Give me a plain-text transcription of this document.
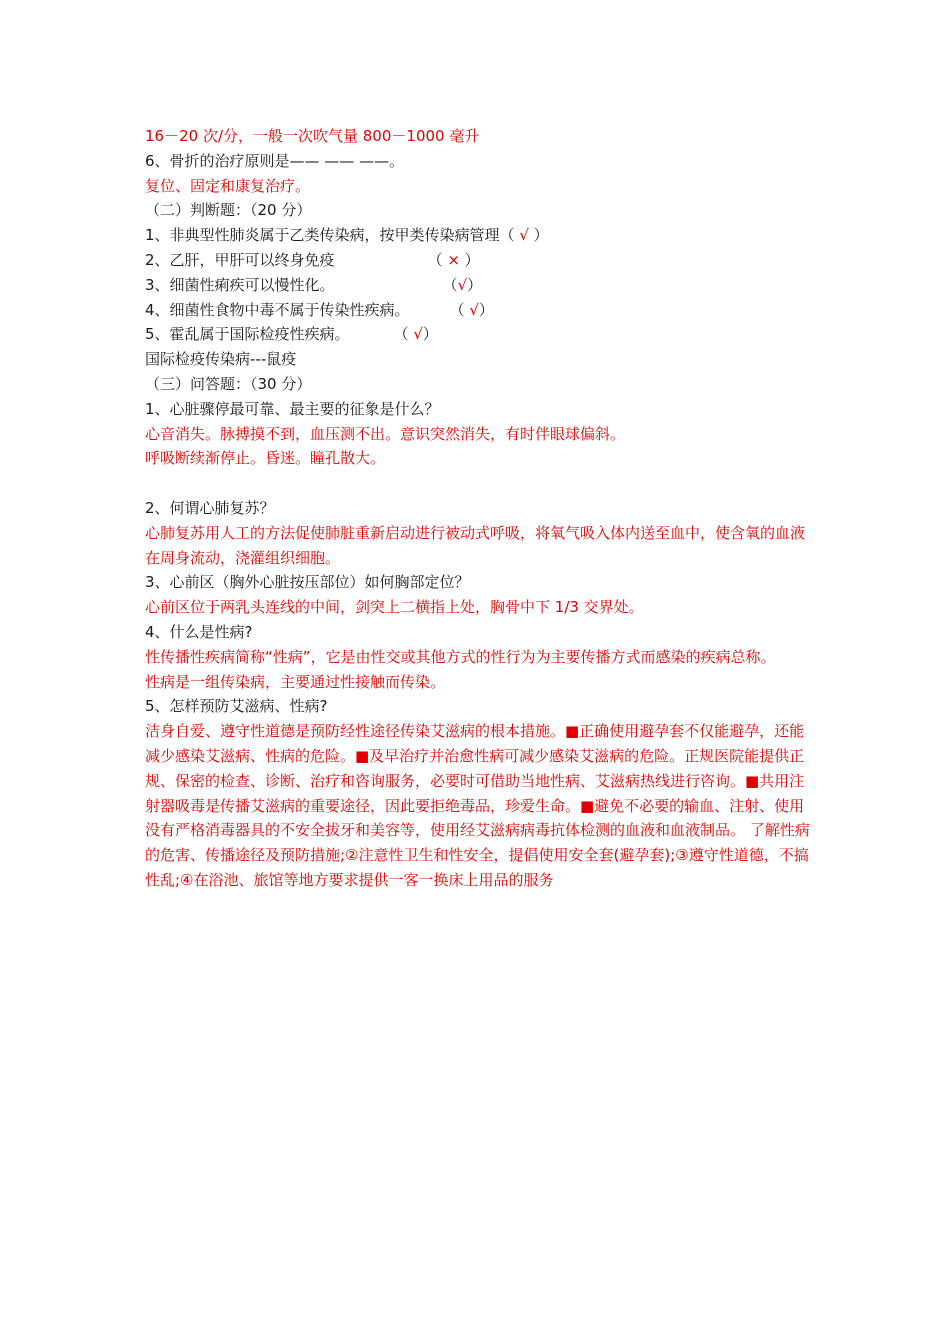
16－20 次/分，一般一次吹气量 800－1000 毫升
6、骨折的治疗原则是—— —— ——。
复位、固定和康复治疗。
（二）判断题：（20 分）
1、非典型性肺炎属于乙类传染病，按甲类传染病管理（ √ ）
2、乙肝，甲肝可以终身免疫	（ × ）
3、细菌性痢疾可以慢性化。	（√）
4、细菌性食物中毒不属于传染性疾病。	（ √）
5、霍乱属于国际检疫性疾病。	（ √）
国际检疫传染病---鼠疫
（三）问答题：（30 分）
1、心脏骤停最可靠、最主要的征象是什么？
心音消失。脉搏摸不到，血压测不出。意识突然消失，有时伴眼球偏斜。
呼吸断续渐停止。昏迷。瞳孔散大。
2、何谓心肺复苏？
心肺复苏用人工的方法促使肺脏重新启动进行被动式呼吸，将氧气吸入体内送至血中，使含氧的血液在周身流动，浇灌组织细胞。
3、心前区（胸外心脏按压部位）如何胸部定位？
心前区位于两乳头连线的中间，剑突上二横指上处，胸骨中下 1/3 交界处。
4、什么是性病?
性传播性疾病简称“性病”，它是由性交或其他方式的性行为为主要传播方式而感染的疾病总称。
性病是一组传染病，主要通过性接触而传染。
5、怎样预防艾滋病、性病?
洁身自爱、遵守性道德是预防经性途径传染艾滋病的根本措施。■正确使用避孕套不仅能避孕，还能减少感染艾滋病、性病的危险。■及早治疗并治愈性病可减少感染艾滋病的危险。正规医院能提供正规、保密的检查、诊断、治疗和咨询服务，必要时可借助当地性病、艾滋病热线进行咨询。■共用注射器吸毒是传播艾滋病的重要途径，因此要拒绝毒品，珍爱生命。■避免不必要的输血、注射、使用没有严格消毒器具的不安全拔牙和美容等，使用经艾滋病病毒抗体检测的血液和血液制品。 了解性病的危害、传播途径及预防措施;②注意性卫生和性安全，提倡使用安全套(避孕套);③遵守性道德，不搞性乱;④在浴池、旅馆等地方要求提供一客一换床上用品的服务
